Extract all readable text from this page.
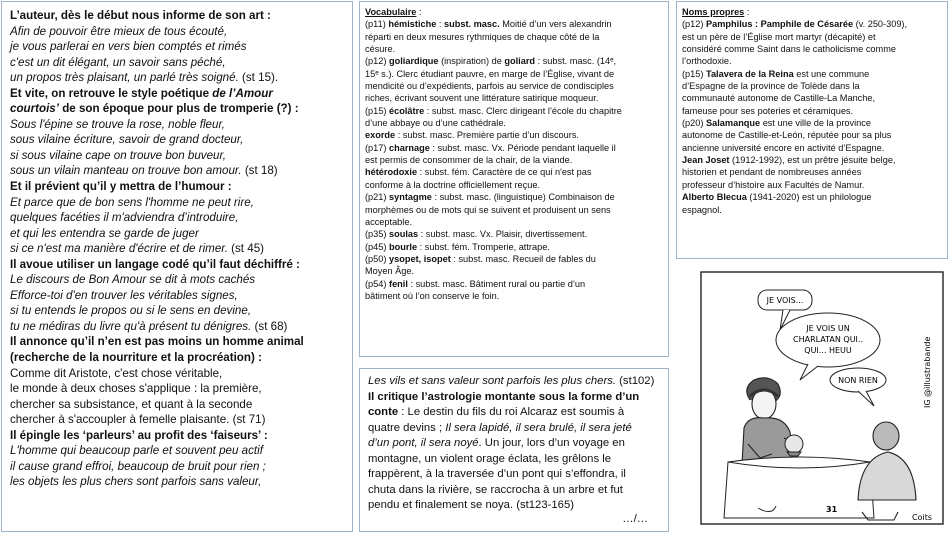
L’auteur, dès le début nous informe de son art :
Afin de pouvoir être mieux de tous écouté,
je vous parlerai en vers bien comptés et rimés
c'est un dit élégant, un savoir sans péché,
un propos très plaisant, un parlé très soigné. (st 15).
Et vite, on retrouve le style poétique de l’Amour
courtois’ de son époque pour plus de tromperie (?) :
Sous l'épine se trouve la rose, noble fleur,
sous vilaine écriture, savoir de grand docteur,
si sous vilaine cape on trouve bon buveur,
sous un vilain manteau on trouve bon amour. (st 18)
Et il prévient qu’il y mettra de l’humour :
Et parce que de bon sens l'homme ne peut rire,
quelques facéties il m'adviendra d’introduire,
et qui les entendra se garde de juger
si ce n'est ma manière d'écrire et de rimer. (st 45)
Il avoue utiliser un langage codé qu’il faut déchiffré :
Le discours de Bon Amour se dit à mots cachés
Efforce-toi d'en trouver les véritables signes,
si tu entends le propos ou si le sens en devine,
tu ne médiras du livre qu'à présent tu dénigres. (st 68)
Il annonce qu’il n’en est pas moins un homme animal
(recherche de la nourriture et la procréation) :
Comme dit Aristote, c'est chose véritable,
le monde à deux choses s'applique : la première,
chercher sa subsistance, et quant à la seconde
chercher à s'accoupler à femelle plaisante. (st 71)
Il épingle les ‘parleurs’ au profit des ‘faiseurs’ :
L'homme qui beaucoup parle et souvent peu actif
il cause grand effroi, beaucoup de bruit pour rien ;
les objets les plus chers sont parfois sans valeur,
Vocabulaire :
(p11) hémistiche : subst. masc. Moitié d’un vers alexandrin
réparti en deux mesures rythmiques de chaque côté de la
césure.
(p12) goliardique (inspiration) de goliard : subst. masc. (14ᵉ,
15ᵉ s.). Clerc étudiant pauvre, en marge de l’Église, vivant de
mendicité ou d’expédients, parfois au service de condisciples
riches, écrivant souvent une littérature satirique moqueur.
(p15) écolâtre : subst. masc. Clerc dirigeant l’école du chapitre
d’une abbaye ou d’une cathédrale.
exorde : subst. masc. Première partie d’un discours.
(p17) charnage : subst. masc. Vx. Période pendant laquelle il
est permis de consommer de la chair, de la viande.
hétérodoxie : subst. fém. Caractère de ce qui n'est pas
conforme à la doctrine officiellement reçue.
(p21) syntagme : subst. masc. (linguistique) Combinaison de
morphèmes ou de mots qui se suivent et produisent un sens
acceptable.
(p35) soulas : subst. masc. Vx. Plaisir, divertissement.
(p45) bourle : subst. fém. Tromperie, attrape.
(p50) ysopet, isopet : subst. masc. Recueil de fables du
Moyen Âge.
(p54) fenil : subst. masc. Bâtiment rural ou partie d’un
bâtiment où l’on conserve le foin.
Noms propres :
(p12) Pamphilus : Pamphile de Césarée (v. 250-309),
est un père de l’Église mort martyr (décapité) et
considéré comme Saint dans le catholicisme comme
l’orthodoxie.
(p15) Talavera de la Reina est une commune
d’Espagne de la province de Tolède dans la
communauté autonome de Castille-La Manche,
fameuse pour ses poteries et céramiques.
(p20) Salamanque est une ville de la province
autonome de Castille-et-León, réputée pour sa plus
ancienne université encore en activité d’Espagne.
Jean Joset (1912-1992), est un prêtre jésuite belge,
historien et pendant de nombreuses années
professeur d’histoire aux Facultés de Namur.
Alberto Blecua (1941-2020) est un philologue
espagnol.
Les vils et sans valeur sont parfois les plus chers. (st102)
Il critique l’astrologie montante sous la forme d’un
conte : Le destin du fils du roi Alcaraz est soumis à
quatre devins ; Il sera lapidé, il sera brulé, il sera jeté
d’un pont, il sera noyé. Un jour, lors d’un voyage en
montagne, un violent orage éclata, les grêlons le
frappèrent, à la traversée d’un pont qui s’effondra, il
chuta dans la rivière, se raccrocha à un arbre et fut
pendu et finalement se noya. (st123-165)
…/…
JE VOIS...
JE VOIS UN
CHARLATAN QUI..
QUI... HEUU
NON RIEN	IG @illustrabande
31
Coits
